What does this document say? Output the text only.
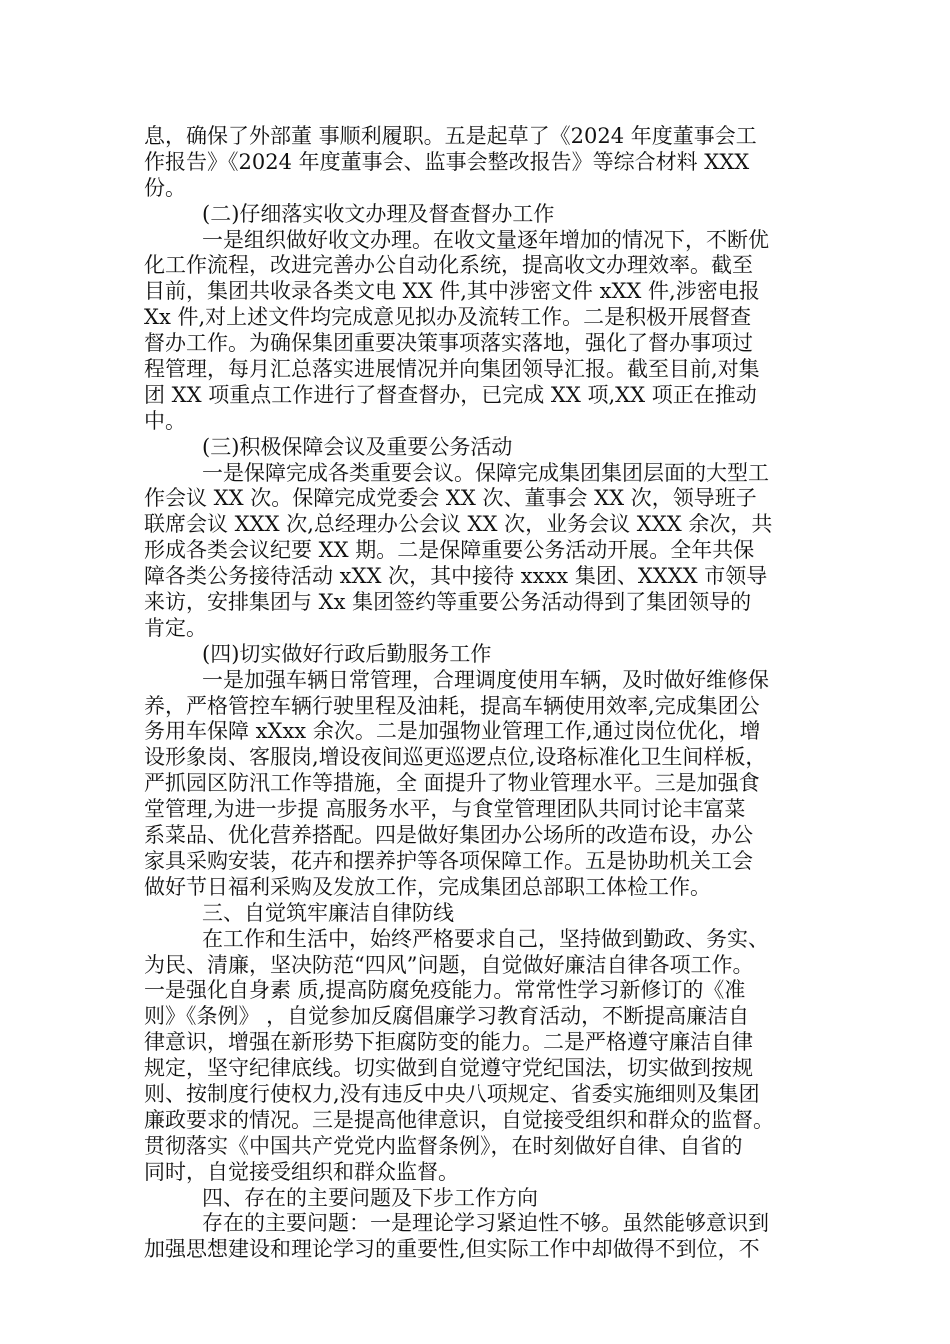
息，确保了外部董 事顺利履职。五是起草了《2024 年度董事会工
作报告》《2024 年度董事会、监事会整改报告》等综合材料 XXX
份。
(二)仔细落实收文办理及督查督办工作
一是组织做好收文办理。在收文量逐年增加的情况下，不断优
化工作流程，改进完善办公自动化系统，提高收文办理效率。截至
目前，集团共收录各类文电 XX 件,其中涉密文件 xXX 件,涉密电报
Xx 件,对上述文件均完成意见拟办及流转工作。二是积极开展督查
督办工作。为确保集团重要决策事项落实落地，强化了督办事项过
程管理，每月汇总落实进展情况并向集团领导汇报。截至目前,对集
团 XX 项重点工作进行了督查督办，已完成 XX 项,XX 项正在推动
中。
(三)积极保障会议及重要公务活动
一是保障完成各类重要会议。保障完成集团集团层面的大型工
作会议 XX 次。保障完成党委会 XX 次、董事会 XX 次，领导班子
联席会议 XXX 次,总经理办公会议 XX 次，业务会议 XXX 余次，共
形成各类会议纪要 XX 期。二是保障重要公务活动开展。全年共保
障各类公务接待活动 xXX 次，其中接待 xxxx 集团、XXXX 市领导
来访，安排集团与 Xx 集团签约等重要公务活动得到了集团领导的
肯定。
(四)切实做好行政后勤服务工作
一是加强车辆日常管理，合理调度使用车辆，及时做好维修保
养，严格管控车辆行驶里程及油耗，提高车辆使用效率,完成集团公
务用车保障 xXxx 余次。二是加强物业管理工作,通过岗位优化，增
设形象岗、客服岗,增设夜间巡更巡逻点位,设珞标准化卫生间样板，
严抓园区防汛工作等措施，全 面提升了物业管理水平。三是加强食
堂管理,为进一步提 高服务水平，与食堂管理团队共同讨论丰富菜
系菜品、优化营养搭配。四是做好集团办公场所的改造布设，办公
家具采购安装，花卉和摆养护等各项保障工作。五是协助机关工会
做好节日福利采购及发放工作，完成集团总部职工体检工作。
三、自觉筑牢廉洁自律防线
在工作和生活中，始终严格要求自己，坚持做到勤政、务实、
为民、清廉，坚决防范“四风”问题，自觉做好廉洁自律各项工作。
一是强化自身素 质,提高防腐免疫能力。常常性学习新修订的《准
则》《条例》 ，自觉参加反腐倡廉学习教育活动，不断提高廉洁自
律意识，增强在新形势下拒腐防变的能力。二是严格遵守廉洁自律
规定，坚守纪律底线。切实做到自觉遵守党纪国法，切实做到按规
则、按制度行使权力,没有违反中央八项规定、省委实施细则及集团
廉政要求的情况。三是提高他律意识，自觉接受组织和群众的监督。
贯彻落实《中国共产党党内监督条例》，在时刻做好自律、自省的
同时，自觉接受组织和群众监督。
四、存在的主要问题及下步工作方向
存在的主要问题：一是理论学习紧迫性不够。虽然能够意识到
加强思想建设和理论学习的重要性,但实际工作中却做得不到位，不
